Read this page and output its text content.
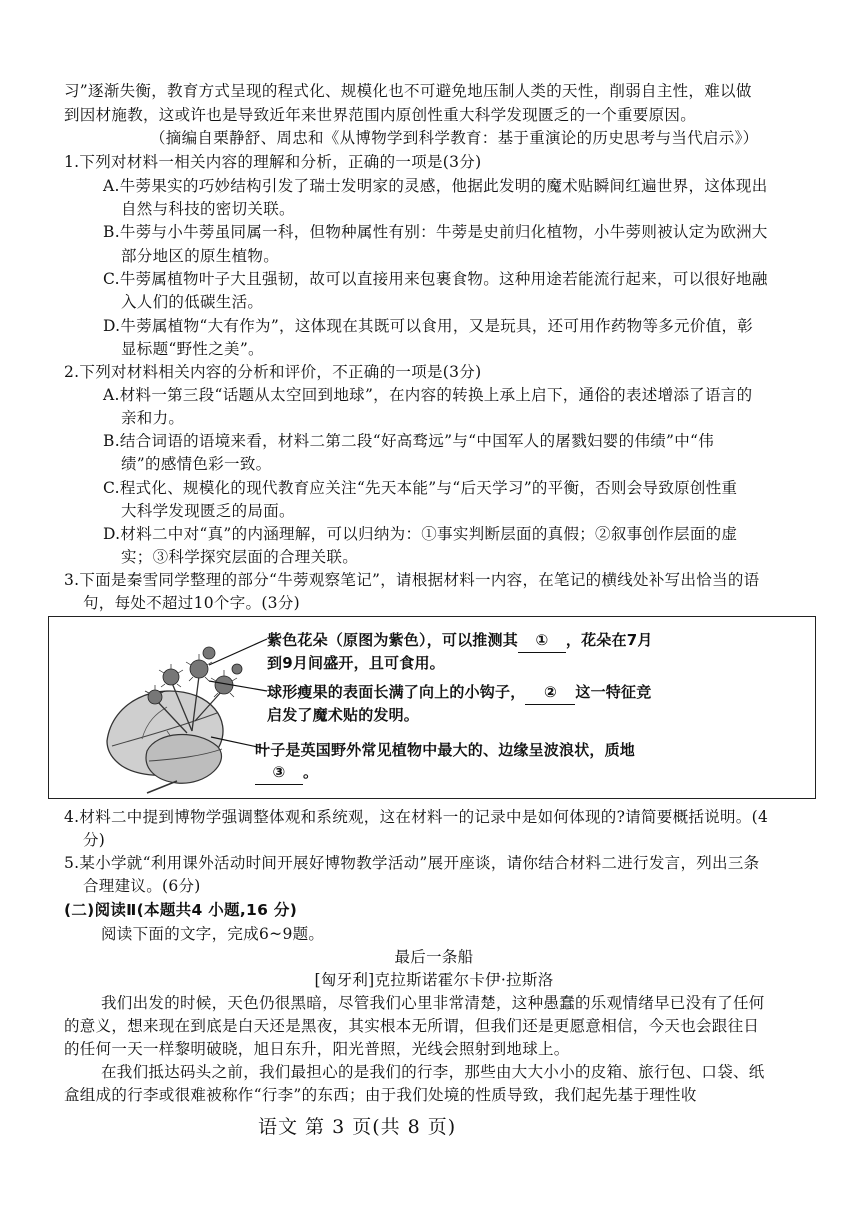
习”逐渐失衡，教育方式呈现的程式化、规模化也不可避免地压制人类的天性，削弱自主性，难以做
到因材施教，这或许也是导致近年来世界范围内原创性重大科学发现匮乏的一个重要原因。
（摘编自栗静舒、周忠和《从博物学到科学教育：基于重演论的历史思考与当代启示》）
1.下列对材料一相关内容的理解和分析，正确的一项是(3分)
A.牛蒡果实的巧妙结构引发了瑞士发明家的灵感，他据此发明的魔术贴瞬间红遍世界，这体现出
自然与科技的密切关联。
B.牛蒡与小牛蒡虽同属一科，但物种属性有别：牛蒡是史前归化植物，小牛蒡则被认定为欧洲大
部分地区的原生植物。
C.牛蒡属植物叶子大且强韧，故可以直接用来包裹食物。这种用途若能流行起来，可以很好地融
入人们的低碳生活。
D.牛蒡属植物“大有作为”，这体现在其既可以食用，又是玩具，还可用作药物等多元价值，彰
显标题“野性之美”。
2.下列对材料相关内容的分析和评价，不正确的一项是(3分)
A.材料一第三段“话题从太空回到地球”，在内容的转换上承上启下，通俗的表述增添了语言的
亲和力。
B.结合词语的语境来看，材料二第二段“好高骛远”与“中国军人的屠戮妇婴的伟绩”中“伟
绩”的感情色彩一致。
C.程式化、规模化的现代教育应关注“先天本能”与“后天学习”的平衡，否则会导致原创性重
大科学发现匮乏的局面。
D.材料二中对“真”的内涵理解，可以归纳为：①事实判断层面的真假；②叙事创作层面的虚
实；③科学探究层面的合理关联。
3.下面是秦雪同学整理的部分“牛蒡观察笔记”，请根据材料一内容，在笔记的横线处补写出恰当的语
句，每处不超过10个字。(3分)
紫色花朵（原图为紫色），可以推测其 ① ，花朵在7月
到9月间盛开，且可食用。
球形瘦果的表面长满了向上的小钩子， ② 这一特征竞
启发了魔术贴的发明。
叶子是英国野外常见植物中最大的、边缘呈波浪状，质地
③ 。
4.材料二中提到博物学强调整体观和系统观，这在材料一的记录中是如何体现的?请简要概括说明。(4
分)
5.某小学就“利用课外活动时间开展好博物教学活动”展开座谈，请你结合材料二进行发言，列出三条
合理建议。(6分)
(二)阅读Ⅱ(本题共4 小题,16 分)
阅读下面的文字，完成6~9题。
最后一条船
[匈牙利]克拉斯诺霍尔卡伊·拉斯洛
我们出发的时候，天色仍很黑暗，尽管我们心里非常清楚，这种愚蠢的乐观情绪早已没有了任何
的意义，想来现在到底是白天还是黑夜，其实根本无所谓，但我们还是更愿意相信，今天也会跟往日
的任何一天一样黎明破晓，旭日东升，阳光普照，光线会照射到地球上。
在我们抵达码头之前，我们最担心的是我们的行李，那些由大大小小的皮箱、旅行包、口袋、纸
盒组成的行李或很难被称作“行李”的东西；由于我们处境的性质导致，我们起先基于理性收
语文 第 3 页(共 8 页)
